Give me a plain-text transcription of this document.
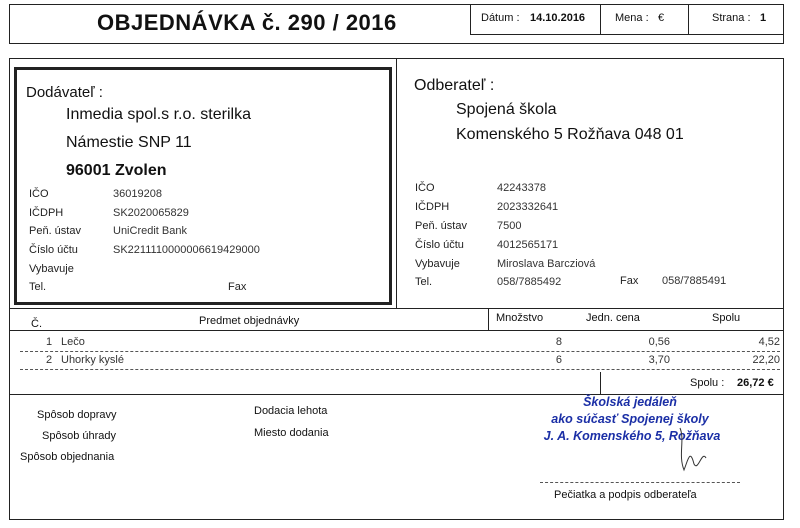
OBJEDNÁVKA č. 290 / 2016	Dátum : 14.10.2016	Mena : €	Strana : 1
Dodávateľ :
Inmedia spol.s r.o. sterilka
Námestie SNP 11
96001 Zvolen
IČO	36019208
IČDPH	SK2020065829
Peň. ústav	UniCredit Bank
Číslo účtu	SK2211110000006619429000
Vybavuje
Tel.	Fax
Odberateľ :
Spojená škola
Komenského 5 Rožňava 048 01
IČO	42243378
IČDPH	2023332641
Peň. ústav	7500
Číslo účtu	4012565171
Vybavuje	Miroslava Barcziová
Tel.	058/7885492	Fax 058/7885491
Č.	Predmet objednávky	Množstvo	Jedn. cena	Spolu
1 Lečo	8	0,56	4,52
2 Uhorky kyslé	6	3,70	22,20
Spolu : 26,72 €
Spôsob dopravy
Spôsob úhrady
Spôsob objednania
Dodacia lehota
Miesto dodania
Školská jedáleň
ako súčasť Spojenej školy
J. A. Komenského 5, Rožňava
Pečiatka a podpis odberateľa
